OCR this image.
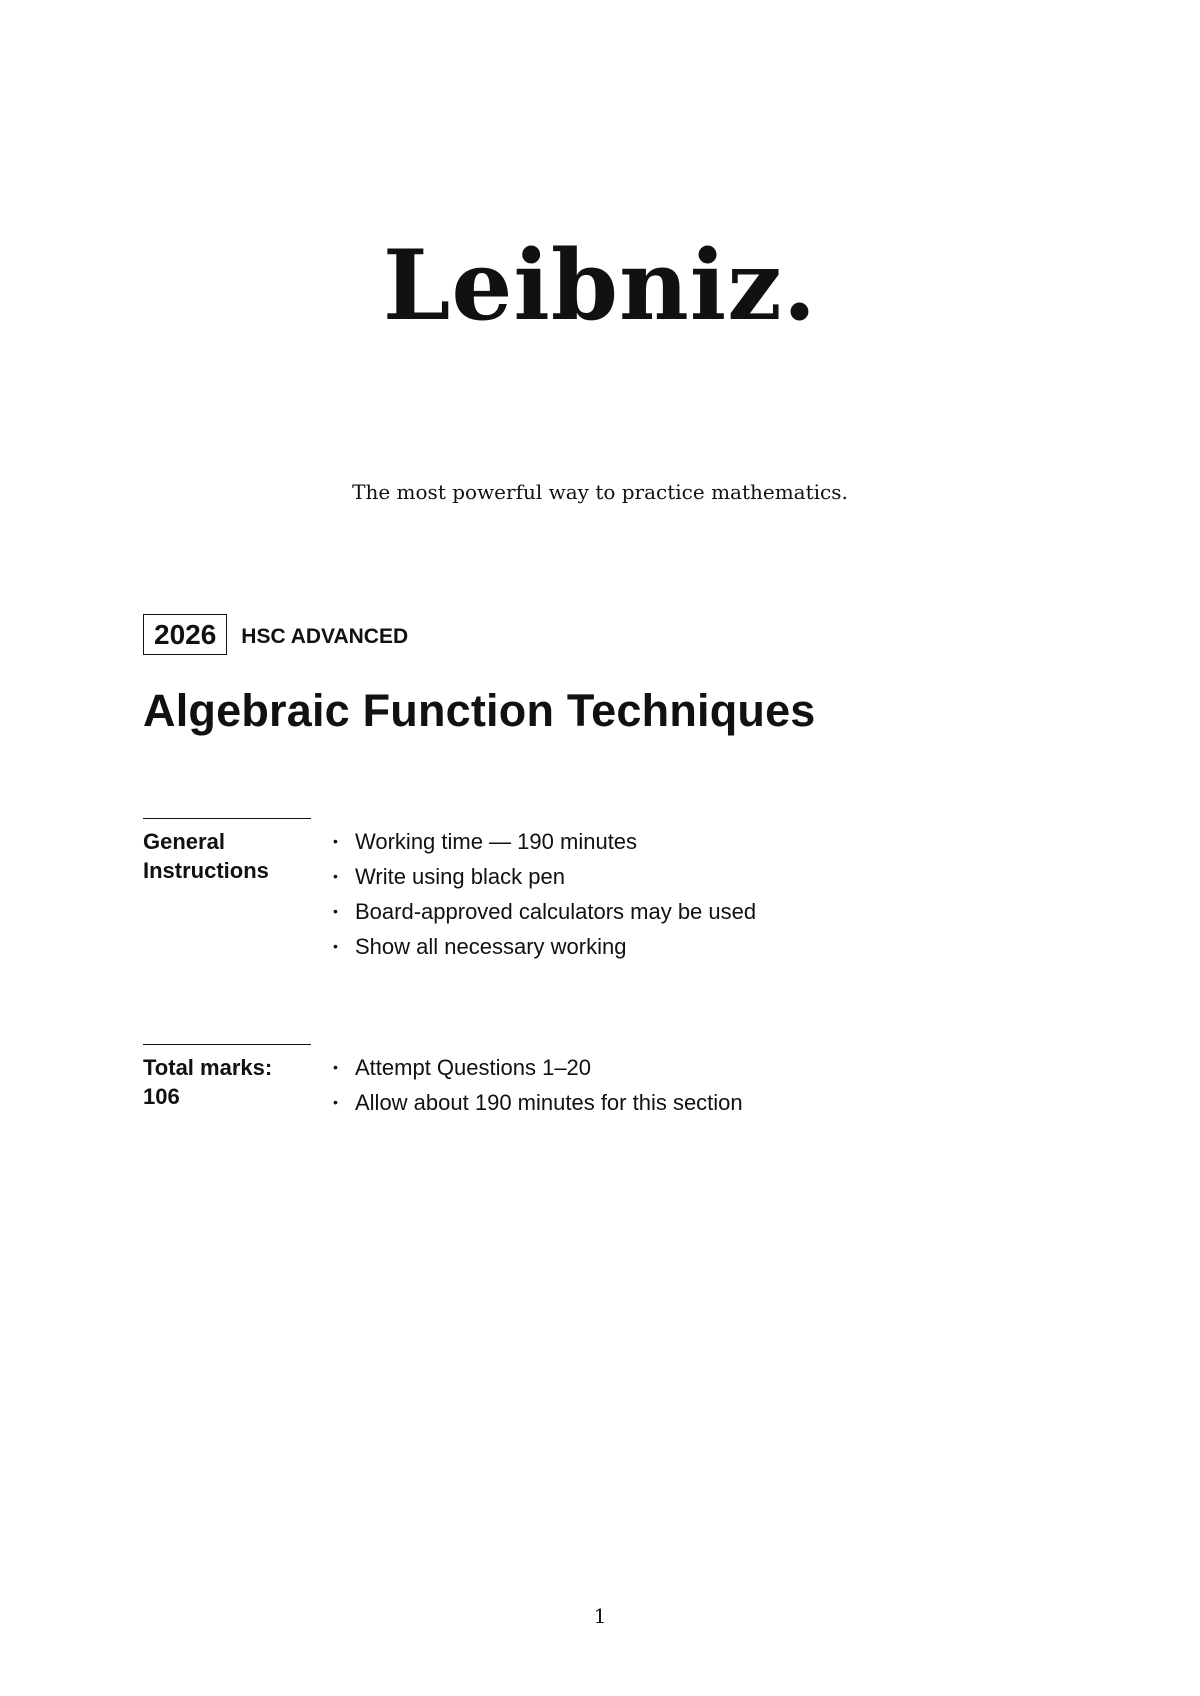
Leibniz.
The most powerful way to practice mathematics.
2026	HSC ADVANCED
Algebraic Function Techniques
General
Instructions
• Working time — 190 minutes
• Write using black pen
• Board-approved calculators may be used
• Show all necessary working
Total marks:
106
• Attempt Questions 1–20
• Allow about 190 minutes for this section
1
